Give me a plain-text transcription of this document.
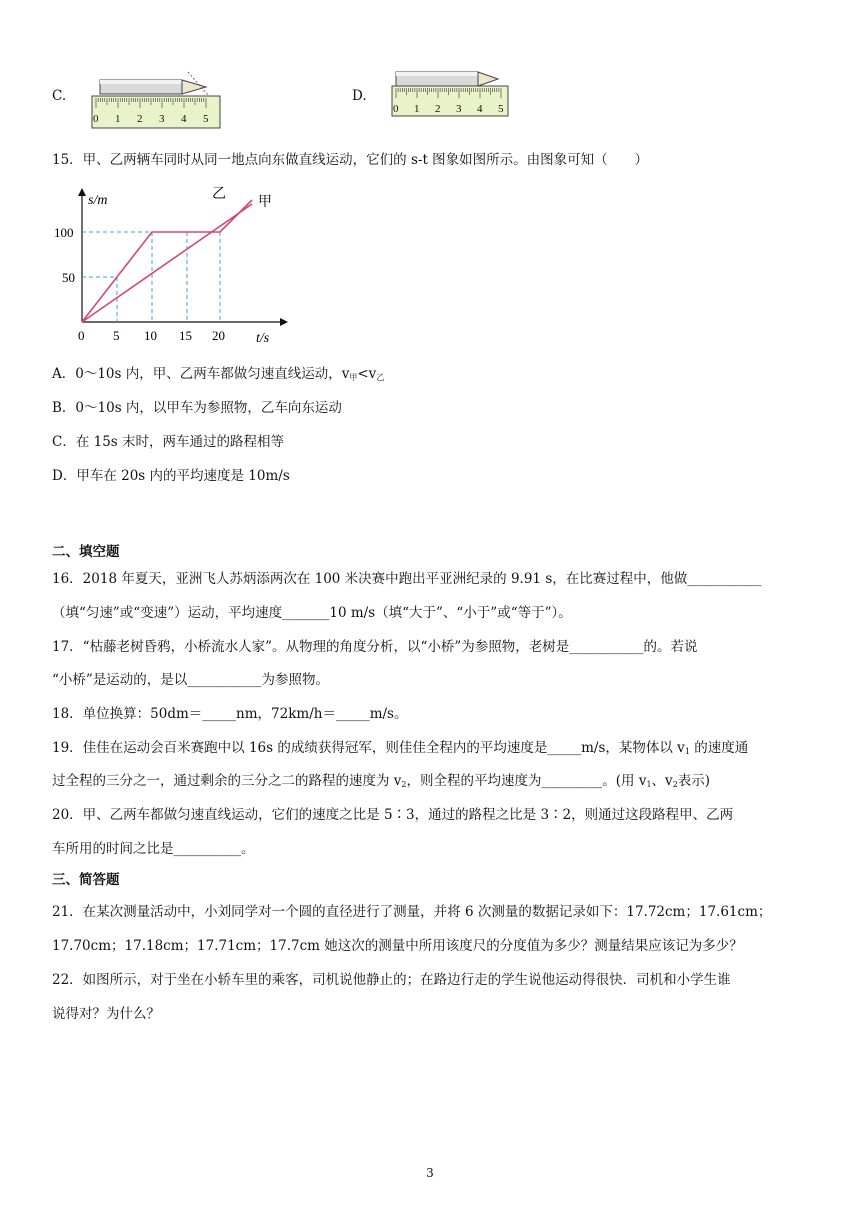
C.
0 1 2 3 4 5
D.
0 1 2 3 4 5
15．甲、乙两辆车同时从同一地点向东做直线运动，它们的 s-t 图象如图所示。由图象可知（　　）
s/m
t/s
乙
甲
100
50
0 5 10 15 20
A．0～10s 内，甲、乙两车都做匀速直线运动，$v_甲<v_乙$
B．0～10s 内，以甲车为参照物，乙车向东运动
C．在 15s 末时，两车通过的路程相等
D．甲车在 20s 内的平均速度是 10m/s
二、填空题
16．2018 年夏天，亚洲飞人苏炳添两次在 100 米决赛中跑出平亚洲纪录的 9.91 s，在比赛过程中，他做___________
（填“匀速”或“变速”）运动，平均速度_______10 m/s（填“大于”、“小于”或“等于”）。
17．“枯藤老树昏鸦，小桥流水人家”。从物理的角度分析，以“小桥”为参照物，老树是___________的。若说
“小桥”是运动的，是以___________为参照物。
18．单位换算：50dm＝_____nm，72km/h＝_____m/s。
19．佳佳在运动会百米赛跑中以 16s 的成绩获得冠军，则佳佳全程内的平均速度是_____m/s，某物体以 $v_1$ 的速度通
过全程的三分之一，通过剩余的三分之二的路程的速度为 $v_2$，则全程的平均速度为_________。(用 $v_1$、$v_2$表示)
20．甲、乙两车都做匀速直线运动，它们的速度之比是 5∶3，通过的路程之比是 3∶2，则通过这段路程甲、乙两
车所用的时间之比是__________。
三、简答题
21．在某次测量活动中，小刘同学对一个圆的直径进行了测量，并将 6 次测量的数据记录如下：17.72cm；17.61cm；
17.70cm；17.18cm；17.71cm；17.7cm 她这次的测量中所用该度尺的分度值为多少？测量结果应该记为多少？
22．如图所示，对于坐在小轿车里的乘客，司机说他静止的；在路边行走的学生说他运动得很快．司机和小学生谁
说得对？为什么？
3
